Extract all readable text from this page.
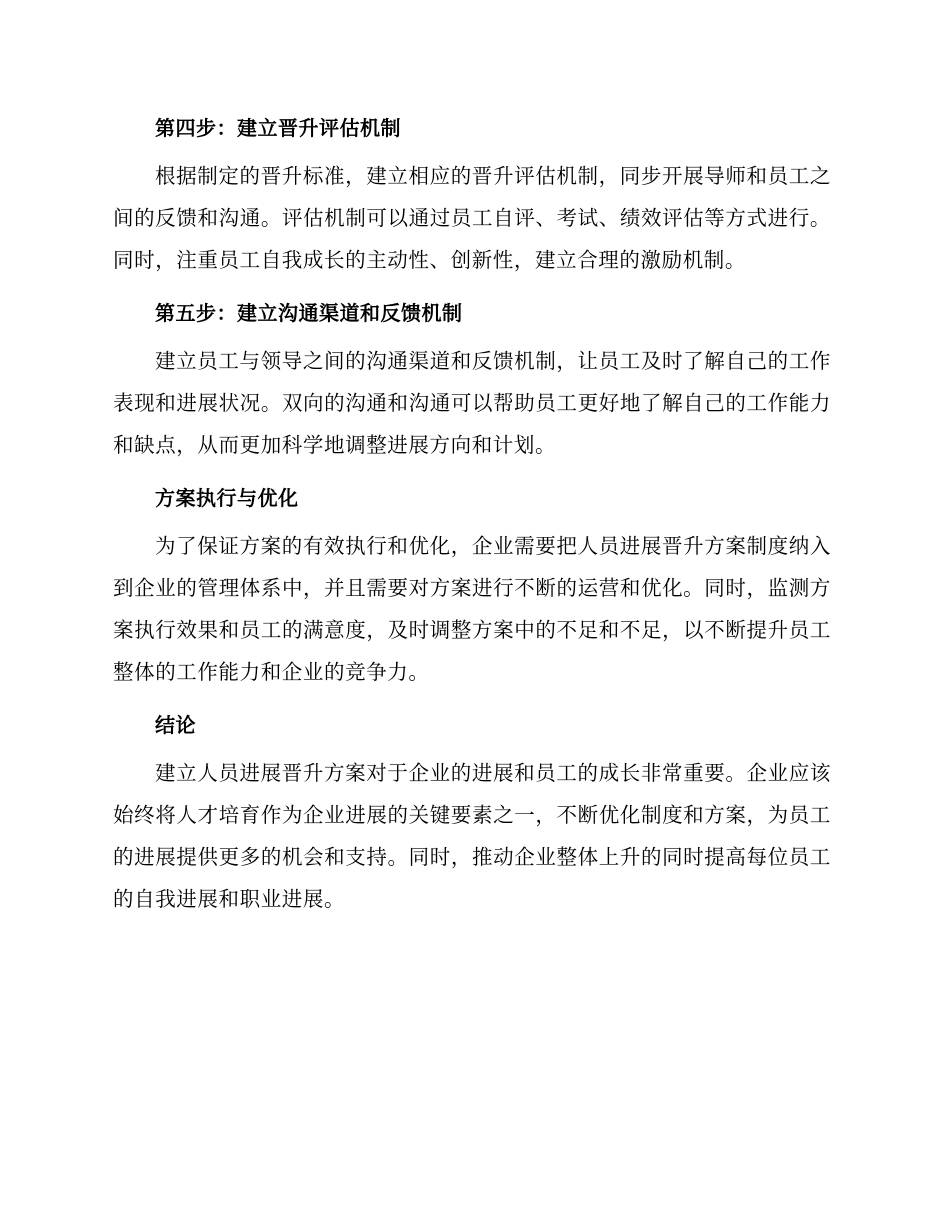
第四步：建立晋升评估机制

根据制定的晋升标准，建立相应的晋升评估机制，同步开展导师和员工之间的反馈和沟通。评估机制可以通过员工自评、考试、绩效评估等方式进行。同时，注重员工自我成长的主动性、创新性，建立合理的激励机制。

第五步：建立沟通渠道和反馈机制

建立员工与领导之间的沟通渠道和反馈机制，让员工及时了解自己的工作表现和进展状况。双向的沟通和沟通可以帮助员工更好地了解自己的工作能力和缺点，从而更加科学地调整进展方向和计划。

方案执行与优化

为了保证方案的有效执行和优化，企业需要把人员进展晋升方案制度纳入到企业的管理体系中，并且需要对方案进行不断的运营和优化。同时，监测方案执行效果和员工的满意度，及时调整方案中的不足和不足，以不断提升员工整体的工作能力和企业的竞争力。

结论

建立人员进展晋升方案对于企业的进展和员工的成长非常重要。企业应该始终将人才培育作为企业进展的关键要素之一，不断优化制度和方案，为员工的进展提供更多的机会和支持。同时，推动企业整体上升的同时提高每位员工的自我进展和职业进展。
